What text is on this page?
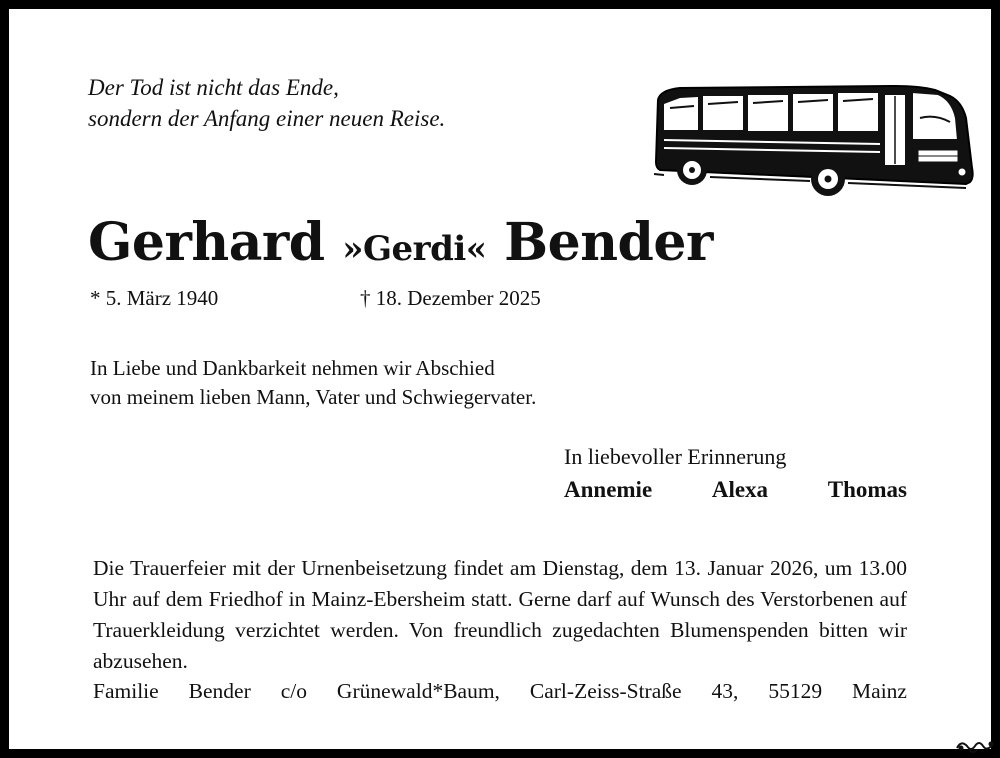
Der Tod ist nicht das Ende,
sondern der Anfang einer neuen Reise.
Gerhard »Gerdi« Bender
* 5. März 1940	† 18. Dezember 2025
In Liebe und Dankbarkeit nehmen wir Abschied
von meinem lieben Mann, Vater und Schwiegervater.
In liebevoller Erinnerung
Annemie	Alexa	Thomas
Die Trauerfeier mit der Urnenbeisetzung findet am Dienstag, dem 13. Januar 2026, um 13.00 Uhr auf dem Friedhof in Mainz-Ebersheim statt. Gerne darf auf Wunsch des Verstorbenen auf Trauerkleidung verzichtet werden. Von freundlich zugedachten Blumenspenden bitten wir abzusehen.
Familie Bender c/o Grünewald*Baum, Carl-Zeiss-Straße 43, 55129 Mainz
